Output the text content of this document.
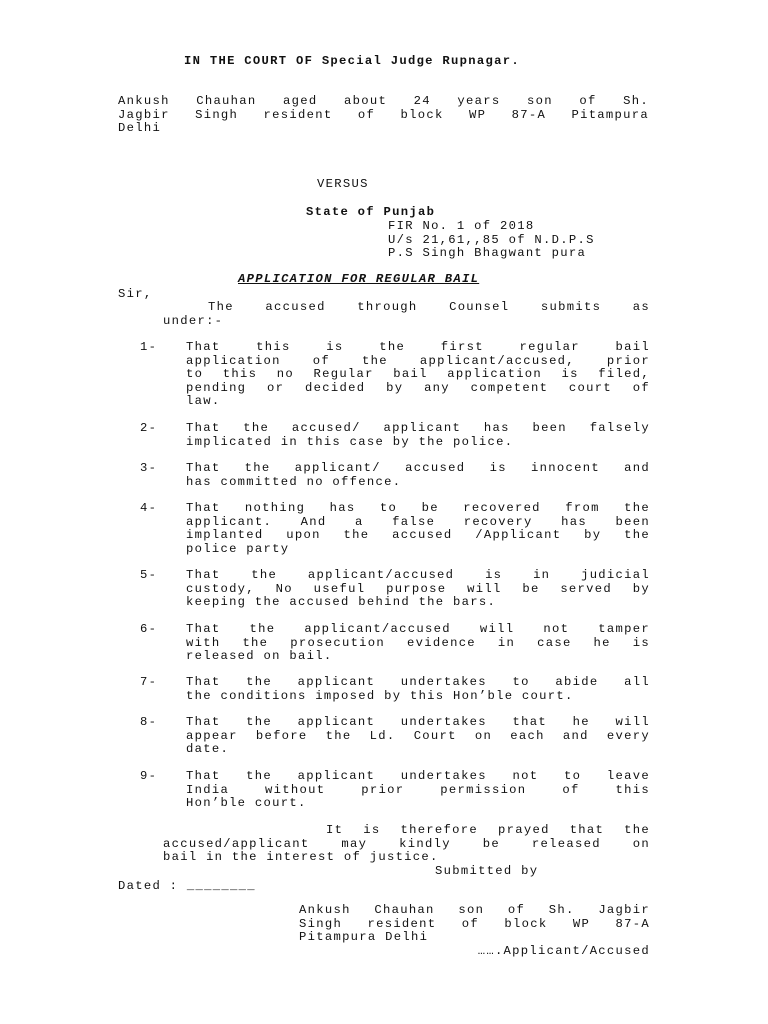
IN THE COURT OF Special Judge Rupnagar.
Ankush Chauhan aged about 24 years son of Sh.
Jagbir Singh resident of block WP 87-A Pitampura
Delhi
VERSUS
State of Punjab
FIR No. 1 of 2018
U/s 21,61,,85 of N.D.P.S
P.S Singh Bhagwant pura
APPLICATION FOR REGULAR BAIL
Sir,
The accused through Counsel submits as
under:-
1- That this is the first regular bail
application of the applicant/accused, prior
to this no Regular bail application is filed,
pending or decided by any competent court of
law.
2- That the accused/ applicant has been falsely
implicated in this case by the police.
3- That the applicant/ accused is innocent and
has committed no offence.
4- That nothing has to be recovered from the
applicant. And a false recovery has been
implanted upon the accused /Applicant by the
police party
5- That the applicant/accused is in judicial
custody, No useful purpose will be served by
keeping the accused behind the bars.
6- That the applicant/accused will not tamper
with the prosecution evidence in case he is
released on bail.
7- That the applicant undertakes to abide all
the conditions imposed by this Hon’ble court.
8- That the applicant undertakes that he will
appear before the Ld. Court on each and every
date.
9- That the applicant undertakes not to leave
India without prior permission of this
Hon’ble court.
It is therefore prayed that the
accused/applicant may kindly be released on
bail in the interest of justice.
Submitted by
Dated : ________
Ankush Chauhan son of Sh. Jagbir
Singh resident of block WP 87-A
Pitampura Delhi
…….Applicant/Accused
